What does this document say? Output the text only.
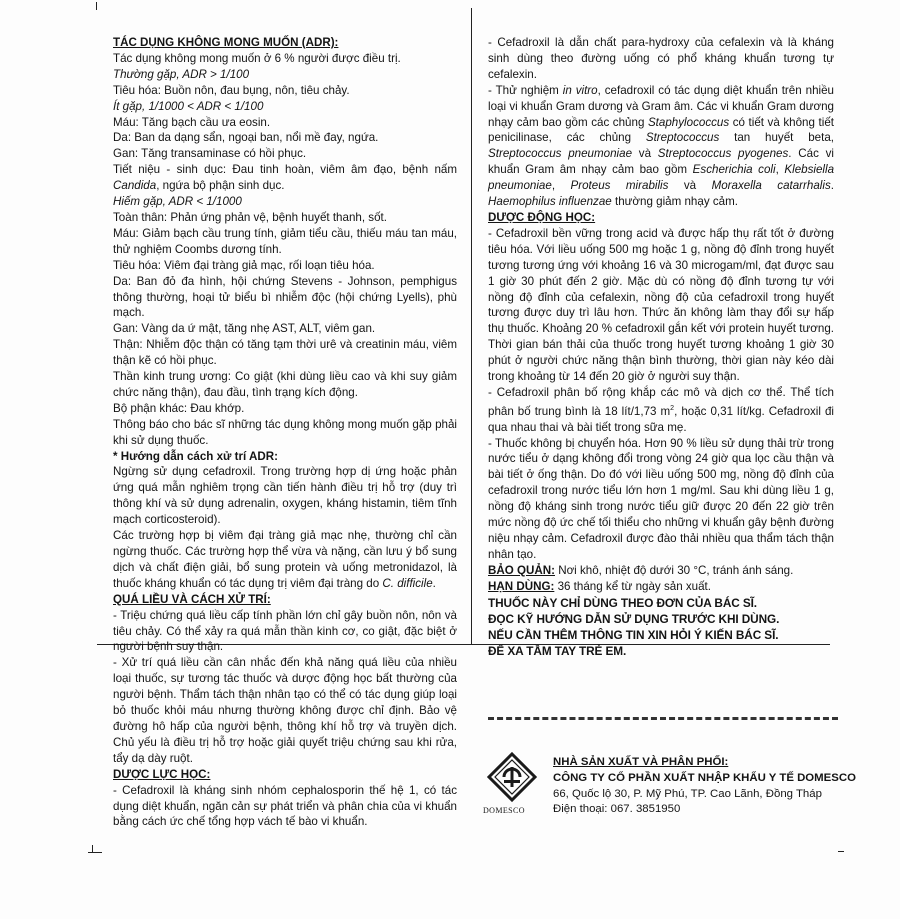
TÁC DỤNG KHÔNG MONG MUỐN (ADR):

Tác dụng không mong muốn ở 6 % người được điều trị.

Thường gặp, ADR > 1/100

Tiêu hóa: Buồn nôn, đau bụng, nôn, tiêu chảy.

Ít gặp, 1/1000 < ADR < 1/100

Máu: Tăng bạch cầu ưa eosin.

Da: Ban da dạng sẩn, ngoại ban, nổi mề đay, ngứa.

Gan: Tăng transaminase có hồi phục.

Tiết niệu - sinh dục: Đau tinh hoàn, viêm âm đạo, bệnh nấm Candida, ngứa bộ phận sinh dục.

Hiếm gặp, ADR < 1/1000

Toàn thân: Phản ứng phản vệ, bệnh huyết thanh, sốt.

Máu: Giảm bạch cầu trung tính, giảm tiểu cầu, thiếu máu tan máu, thử nghiệm Coombs dương tính.

Tiêu hóa: Viêm đại tràng giả mạc, rối loạn tiêu hóa.

Da: Ban đỏ đa hình, hội chứng Stevens - Johnson, pemphigus thông thường, hoại tử biểu bì nhiễm độc (hội chứng Lyells), phù mạch.

Gan: Vàng da ứ mật, tăng nhẹ AST, ALT, viêm gan.

Thận: Nhiễm độc thận có tăng tạm thời urê và creatinin máu, viêm thận kẽ có hồi phục.

Thần kinh trung ương: Co giật (khi dùng liều cao và khi suy giảm chức năng thận), đau đầu, tình trạng kích động.

Bộ phận khác: Đau khớp.

Thông báo cho bác sĩ những tác dụng không mong muốn gặp phải khi sử dụng thuốc.

* Hướng dẫn cách xử trí ADR:

Ngừng sử dụng cefadroxil. Trong trường hợp dị ứng hoặc phản ứng quá mẫn nghiêm trọng cần tiến hành điều trị hỗ trợ (duy trì thông khí và sử dụng adrenalin, oxygen, kháng histamin, tiêm tĩnh mạch corticosteroid).

Các trường hợp bị viêm đại tràng giả mạc nhẹ, thường chỉ cần ngừng thuốc. Các trường hợp thể vừa và nặng, cần lưu ý bổ sung dịch và chất điện giải, bổ sung protein và uống metronidazol, là thuốc kháng khuẩn có tác dụng trị viêm đại tràng do C. difficile.

QUÁ LIỀU VÀ CÁCH XỬ TRÍ:

- Triệu chứng quá liều cấp tính phần lớn chỉ gây buồn nôn, nôn và tiêu chảy. Có thể xảy ra quá mẫn thần kinh cơ, co giật, đặc biệt ở người bệnh suy thận.

- Xử trí quá liều cần cân nhắc đến khả năng quá liều của nhiều loại thuốc, sự tương tác thuốc và dược động học bất thường của người bệnh. Thẩm tách thận nhân tạo có thể có tác dụng giúp loại bỏ thuốc khỏi máu nhưng thường không được chỉ định. Bảo vệ đường hô hấp của người bệnh, thông khí hỗ trợ và truyền dịch. Chủ yếu là điều trị hỗ trợ hoặc giải quyết triệu chứng sau khi rửa, tẩy dạ dày ruột.

DƯỢC LỰC HỌC:

- Cefadroxil là kháng sinh nhóm cephalosporin thế hệ 1, có tác dụng diệt khuẩn, ngăn cản sự phát triển và phân chia của vi khuẩn bằng cách ức chế tổng hợp vách tế bào vi khuẩn.

- Cefadroxil là dẫn chất para-hydroxy của cefalexin và là kháng sinh dùng theo đường uống có phổ kháng khuẩn tương tự cefalexin.

- Thử nghiệm in vitro, cefadroxil có tác dụng diệt khuẩn trên nhiều loại vi khuẩn Gram dương và Gram âm. Các vi khuẩn Gram dương nhạy cảm bao gồm các chủng Staphylococcus có tiết và không tiết penicilinase, các chủng Streptococcus tan huyết beta, Streptococcus pneumoniae và Streptococcus pyogenes. Các vi khuẩn Gram âm nhạy cảm bao gồm Escherichia coli, Klebsiella pneumoniae, Proteus mirabilis và Moraxella catarrhalis. Haemophilus influenzae thường giảm nhạy cảm.

DƯỢC ĐỘNG HỌC:

- Cefadroxil bền vững trong acid và được hấp thụ rất tốt ở đường tiêu hóa. Với liều uống 500 mg hoặc 1 g, nồng độ đỉnh trong huyết tương tương ứng với khoảng 16 và 30 microgam/ml, đạt được sau 1 giờ 30 phút đến 2 giờ. Mặc dù có nồng độ đỉnh tương tự với nồng độ đỉnh của cefalexin, nồng độ của cefadroxil trong huyết tương được duy trì lâu hơn. Thức ăn không làm thay đổi sự hấp thụ thuốc. Khoảng 20 % cefadroxil gắn kết với protein huyết tương. Thời gian bán thải của thuốc trong huyết tương khoảng 1 giờ 30 phút ở người chức năng thận bình thường, thời gian này kéo dài trong khoảng từ 14 đến 20 giờ ở người suy thận.

- Cefadroxil phân bố rộng khắp các mô và dịch cơ thể. Thể tích phân bố trung bình là 18 lít/1,73 $m^2$, hoặc 0,31 lít/kg. Cefadroxil đi qua nhau thai và bài tiết trong sữa mẹ.

- Thuốc không bị chuyển hóa. Hơn 90 % liều sử dụng thải trừ trong nước tiểu ở dạng không đổi trong vòng 24 giờ qua lọc cầu thận và bài tiết ở ống thận. Do đó với liều uống 500 mg, nồng độ đỉnh của cefadroxil trong nước tiểu lớn hơn 1 mg/ml. Sau khi dùng liều 1 g, nồng độ kháng sinh trong nước tiểu giữ được 20 đến 22 giờ trên mức nồng độ ức chế tối thiểu cho những vi khuẩn gây bệnh đường niệu nhạy cảm. Cefadroxil được đào thải nhiều qua thẩm tách thận nhân tạo.

BẢO QUẢN: Nơi khô, nhiệt độ dưới 30 °C, tránh ánh sáng.

HẠN DÙNG: 36 tháng kể từ ngày sản xuất.

THUỐC NÀY CHỈ DÙNG THEO ĐƠN CỦA BÁC SĨ.

ĐỌC KỸ HƯỚNG DẪN SỬ DỤNG TRƯỚC KHI DÙNG.

NẾU CẦN THÊM THÔNG TIN XIN HỎI Ý KIẾN BÁC SĨ.

ĐỂ XA TẦM TAY TRẺ EM.

DOMESCO

NHÀ SẢN XUẤT VÀ PHÂN PHỐI:

CÔNG TY CỔ PHẦN XUẤT NHẬP KHẨU Y TẾ DOMESCO

66, Quốc lộ 30, P. Mỹ Phú, TP. Cao Lãnh, Đồng Tháp

Điện thoại: 067. 3851950
